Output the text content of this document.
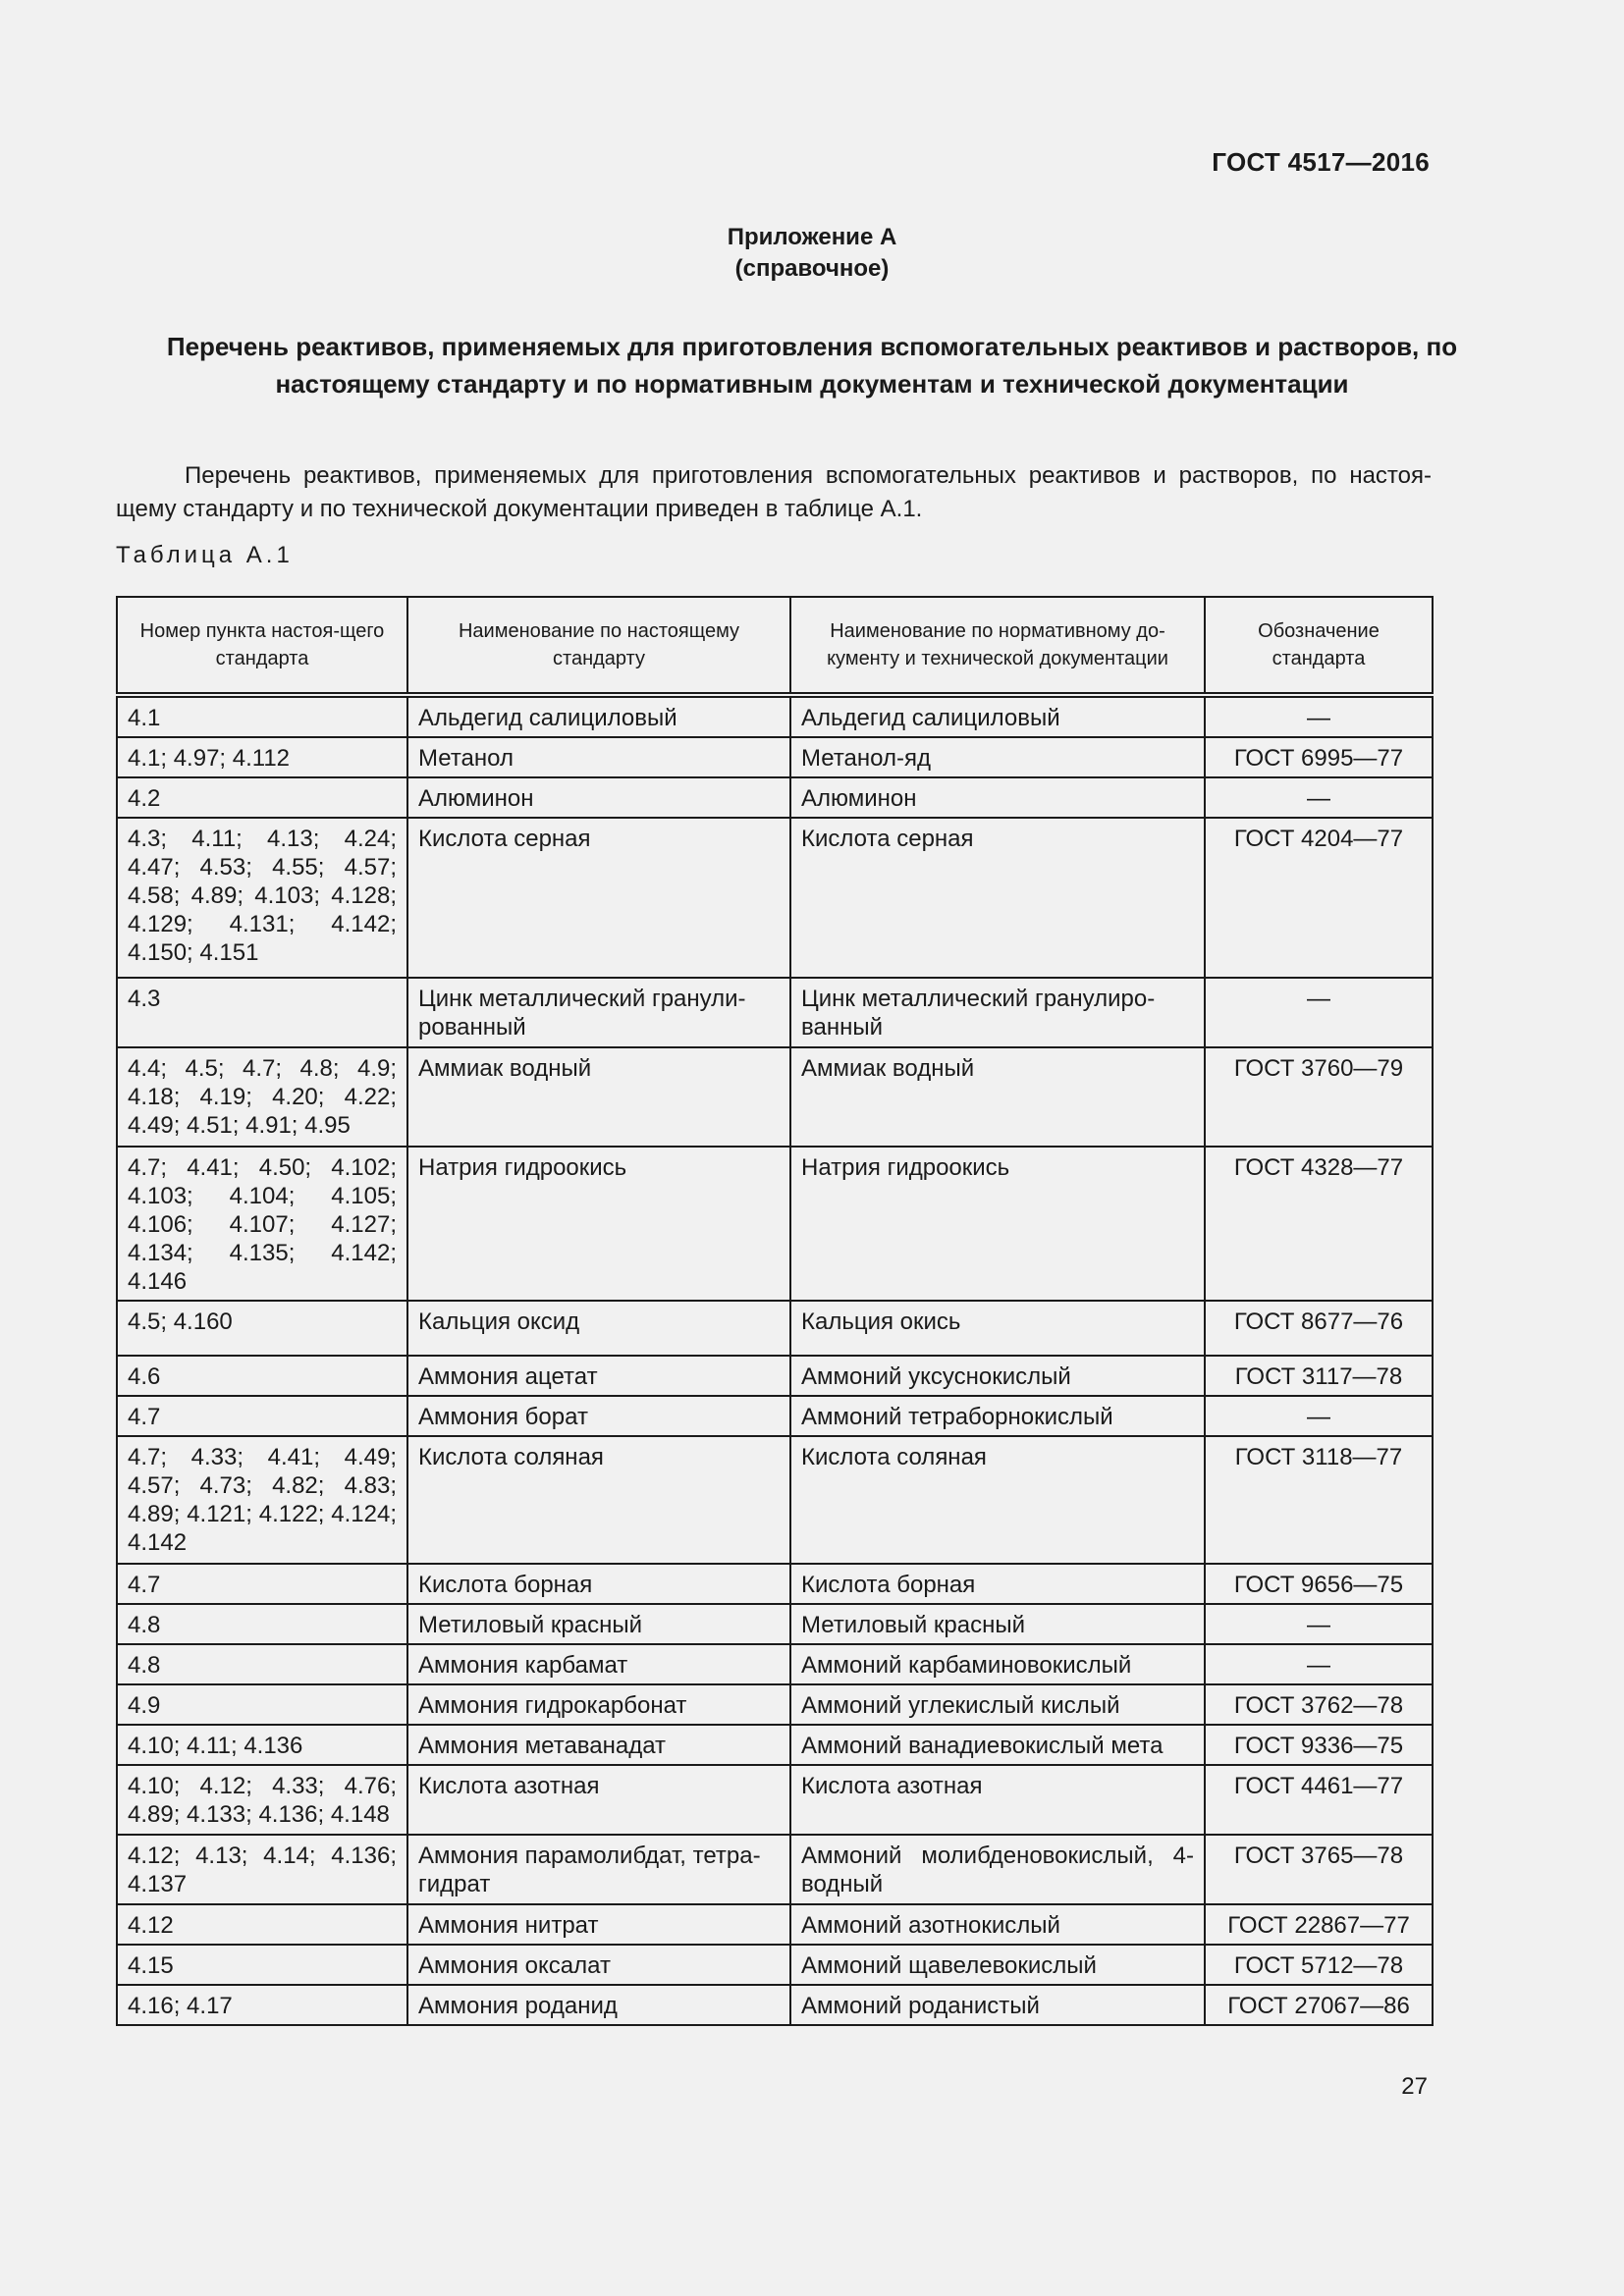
ГОСТ 4517—2016
Приложение А
(справочное)
Перечень реактивов, применяемых для приготовления вспомогательных реактивов и растворов, по настоящему стандарту и по нормативным документам и технической документации
Перечень реактивов, применяемых для приготовления вспомогательных реактивов и растворов, по настоя-
щему стандарту и по технической документации приведен в таблице А.1.
Таблица А.1
Номер пункта настоя-щего стандарта	Наименование по настоящему стандарту	Наименование по нормативному до-кументу и технической документации	Обозначение стандарта
4.1	Альдегид салициловый	Альдегид салициловый	—
4.1; 4.97; 4.112	Метанол	Метанол-яд	ГОСТ 6995—77
4.2	Алюминон	Алюминон	—
4.3; 4.11; 4.13; 4.24; 4.47; 4.53; 4.55; 4.57; 4.58; 4.89; 4.103; 4.128; 4.129; 4.131; 4.142; 4.150; 4.151	Кислота серная	Кислота серная	ГОСТ 4204—77
4.3	Цинк металлический гранули-рованный	Цинк металлический гранулиро-ванный	—
4.4; 4.5; 4.7; 4.8; 4.9; 4.18; 4.19; 4.20; 4.22; 4.49; 4.51; 4.91; 4.95	Аммиак водный	Аммиак водный	ГОСТ 3760—79
4.7; 4.41; 4.50; 4.102; 4.103; 4.104; 4.105; 4.106; 4.107; 4.127; 4.134; 4.135; 4.142; 4.146	Натрия гидроокись	Натрия гидроокись	ГОСТ 4328—77
4.5; 4.160	Кальция оксид	Кальция окись	ГОСТ 8677—76
4.6	Аммония ацетат	Аммоний уксуснокислый	ГОСТ 3117—78
4.7	Аммония борат	Аммоний тетраборнокислый	—
4.7; 4.33; 4.41; 4.49; 4.57; 4.73; 4.82; 4.83; 4.89; 4.121; 4.122; 4.124; 4.142	Кислота соляная	Кислота соляная	ГОСТ 3118—77
4.7	Кислота борная	Кислота борная	ГОСТ 9656—75
4.8	Метиловый красный	Метиловый красный	—
4.8	Аммония карбамат	Аммоний карбаминовокислый	—
4.9	Аммония гидрокарбонат	Аммоний углекислый кислый	ГОСТ 3762—78
4.10; 4.11; 4.136	Аммония метаванадат	Аммоний ванадиевокислый мета	ГОСТ 9336—75
4.10; 4.12; 4.33; 4.76; 4.89; 4.133; 4.136; 4.148	Кислота азотная	Кислота азотная	ГОСТ 4461—77
4.12; 4.13; 4.14; 4.136; 4.137	Аммония парамолибдат, тетра-гидрат	Аммоний молибденовокислый, 4-водный	ГОСТ 3765—78
4.12	Аммония нитрат	Аммоний азотнокислый	ГОСТ 22867—77
4.15	Аммония оксалат	Аммоний щавелевокислый	ГОСТ 5712—78
4.16; 4.17	Аммония роданид	Аммоний роданистый	ГОСТ 27067—86
27
